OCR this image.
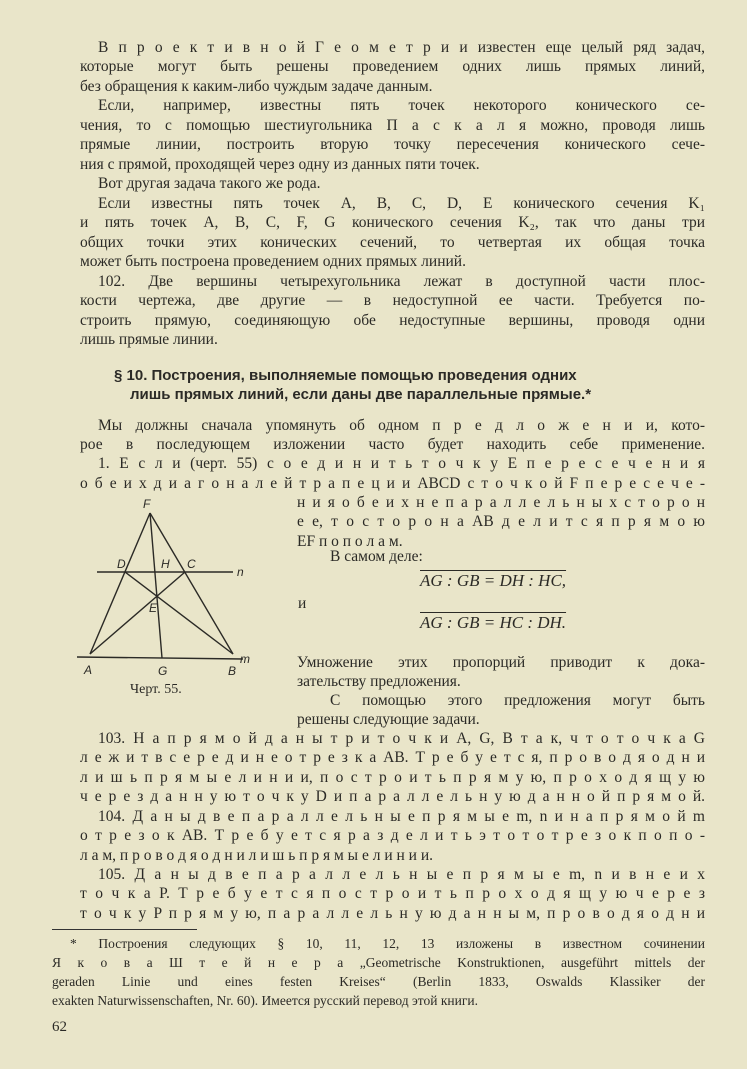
В п р о е к т и в н о й Г е о м е т р и и известен еще целый ряд задач,
которые могут быть решены проведением одних лишь прямых линий,
без обращения к каким-либо чуждым задаче данным.
Если, например, известны пять точек некоторого конического се-
чения, то с помощью шестиугольника П а с к а л я можно, проводя лишь
прямые линии, построить вторую точку пересечения конического сече-
ния с прямой, проходящей через одну из данных пяти точек.
Вот другая задача такого же рода.
Если известны пять точек A, B, C, D, E конического сечения K₁
и пять точек A, B, C, F, G конического сечения K₂, так что даны три
общих точки этих конических сечений, то четвертая их общая точка
может быть построена проведением одних прямых линий.
102. Две вершины четырехугольника лежат в доступной части плос-
кости чертежа, две другие — в недоступной ее части. Требуется по-
строить прямую, соединяющую обе недоступные вершины, проводя одни
лишь прямые линии.
§ 10. Построения, выполняемые помощью проведения одних
лишь прямых линий, если даны две параллельные прямые.*
Мы должны сначала упомянуть об одном п р е д л о ж е н и и, кото-
рое в последующем изложении часто будет находить себе применение.
1. Е с л и (черт. 55) с о е д и н и т ь т о ч к у E п е р е с е ч е н и я
о б е и х д и а г о н а л е й т р а п е ц и и ABCD с т о ч к о й F п е р е с е ч е -
н и я о б е и х н е п а р а л л е л ь н ы х с т о р о н
е е, т о с т о р о н а AB д е л и т с я п р я м о ю
EF п о п о л а м.
В самом деле:
Умножение этих пропорций приводит к дока-
зательству предложения.
С помощью этого предложения могут быть
решены следующие задачи.
103. Н а п р я м о й д а н ы т р и т о ч к и A, G, B т а к, ч т о т о ч к а G
л е ж и т в с е р е д и н е о т р е з к а AB. Т р е б у е т с я, п р о в о д я о д н и
л и ш ь п р я м ы е л и н и и, п о с т р о и т ь п р я м у ю, п р о х о д я щ у ю
ч е р е з д а н н у ю т о ч к у D и п а р а л л е л ь н у ю д а н н о й п р я м о й.
104. Д а н ы д в е п а р а л л е л ь н ы е п р я м ы е m, n и н а п р я м о й m
о т р е з о к AB. Т р е б у е т с я р а з д е л и т ь э т о т о т р е з о к п о п о -
л а м, п р о в о д я о д н и л и ш ь п р я м ы е л и н и и.
105. Д а н ы д в е п а р а л л е л ь н ы е п р я м ы е m, n и в н е и х
т о ч к а P. Т р е б у е т с я п о с т р о и т ь п р о х о д я щ у ю ч е р е з
т о ч к у P п р я м у ю, п а р а л л е л ь н у ю д а н н ы м, п р о в о д я о д н и
AG : GB = DH : HC,
и
AG : GB = HC : DH.
F
D	H C
n
E
A	G	B
m
Черт. 55.
* Построения следующих § 10, 11, 12, 13 изложены в известном сочинении
Я к о в а Ш т е й н е р а „Geometrische Konstruktionen, ausgeführt mittels der
geraden Linie und eines festen Kreises“ (Berlin 1833, Oswalds Klassiker der
exakten Naturwissenschaften, Nr. 60). Имеется русский перевод этой книги.
62
